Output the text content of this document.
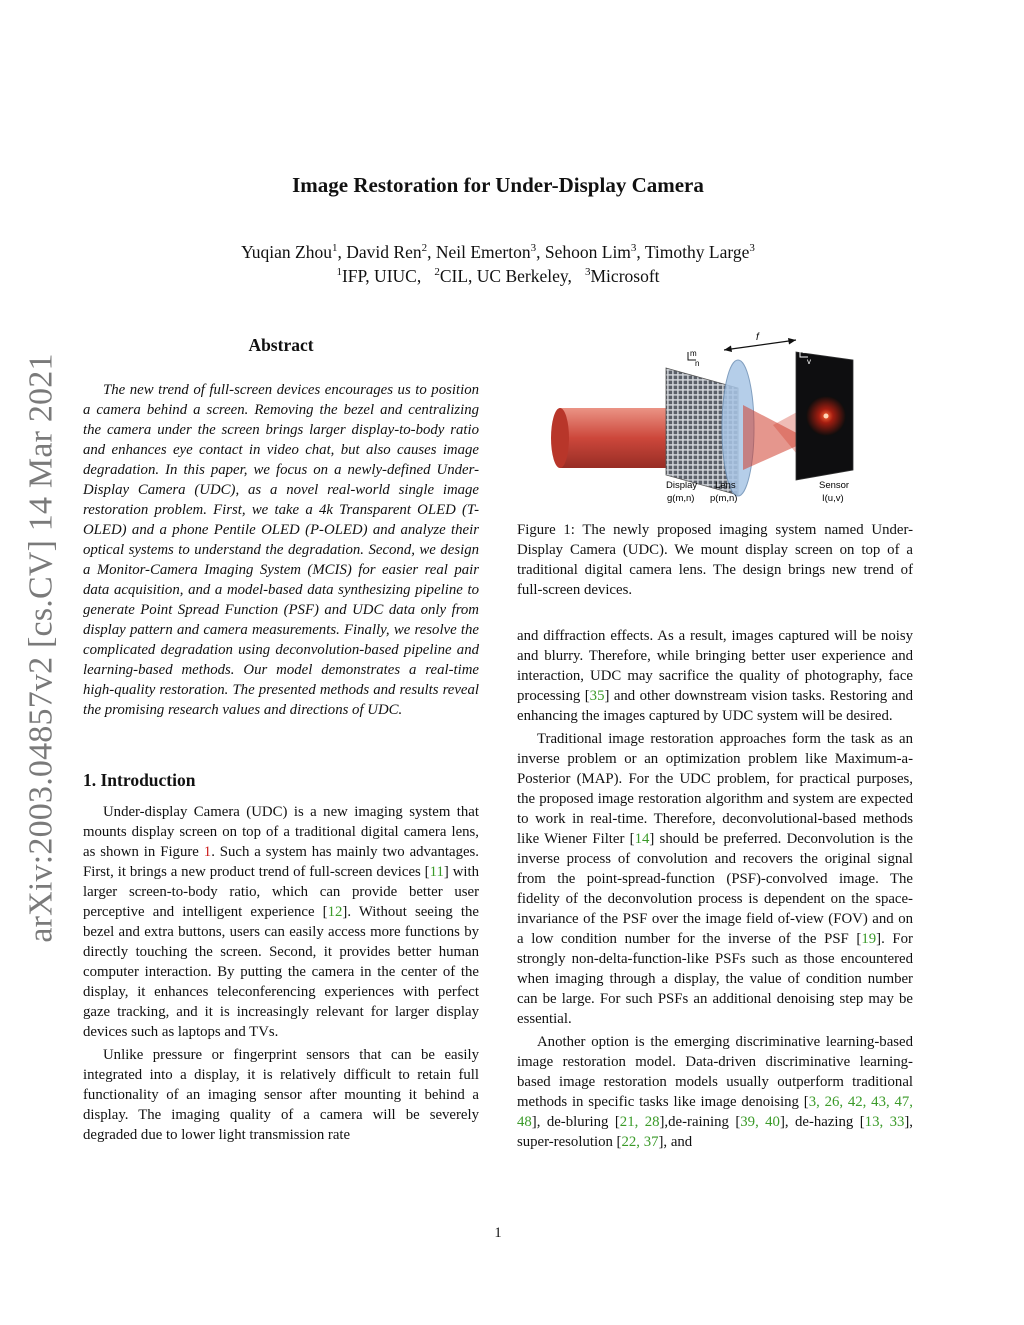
arXiv:2003.04857v2 [cs.CV] 14 Mar 2021
Image Restoration for Under-Display Camera
Yuqian Zhou$^1$, David Ren$^2$, Neil Emerton$^3$, Sehoon Lim$^3$, Timothy Large$^3$
$^1$IFP, UIUC, $^2$CIL, UC Berkeley, $^3$Microsoft
Abstract

The new trend of full-screen devices encourages us to position a camera behind a screen. Removing the bezel and centralizing the camera under the screen brings larger display-to-body ratio and enhances eye contact in video chat, but also causes image degradation. In this paper, we focus on a newly-defined Under-Display Camera (UDC), as a novel real-world single image restoration problem. First, we take a 4k Transparent OLED (T-OLED) and a phone Pentile OLED (P-OLED) and analyze their optical systems to understand the degradation. Second, we design a Monitor-Camera Imaging System (MCIS) for easier real pair data acquisition, and a model-based data synthesizing pipeline to generate Point Spread Function (PSF) and UDC data only from display pattern and camera measurements. Finally, we resolve the complicated degradation using deconvolution-based pipeline and learning-based methods. Our model demonstrates a real-time high-quality restoration. The presented methods and results reveal the promising research values and directions of UDC.

1. Introduction

Under-display Camera (UDC) is a new imaging system that mounts display screen on top of a traditional digital camera lens, as shown in Figure 1. Such a system has mainly two advantages. First, it brings a new product trend of full-screen devices [11] with larger screen-to-body ratio, which can provide better user perceptive and intelligent experience [12]. Without seeing the bezel and extra buttons, users can easily access more functions by directly touching the screen. Second, it provides better human computer interaction. By putting the camera in the center of the display, it enhances teleconferencing experiences with perfect gaze tracking, and it is increasingly relevant for larger display devices such as laptops and TVs.

Unlike pressure or fingerprint sensors that can be easily integrated into a display, it is relatively difficult to retain full functionality of an imaging sensor after mounting it behind a display. The imaging quality of a camera will be severely degraded due to lower light transmission rate

f
m
n
u
v
Display
g(m,n)
Lens
p(m,n)
Sensor
I(u,v)
Figure 1: The newly proposed imaging system named Under-Display Camera (UDC). We mount display screen on top of a traditional digital camera lens. The design brings new trend of full-screen devices.

and diffraction effects. As a result, images captured will be noisy and blurry. Therefore, while bringing better user experience and interaction, UDC may sacrifice the quality of photography, face processing [35] and other downstream vision tasks. Restoring and enhancing the images captured by UDC system will be desired.

Traditional image restoration approaches form the task as an inverse problem or an optimization problem like Maximum-a-Posterior (MAP). For the UDC problem, for practical purposes, the proposed image restoration algorithm and system are expected to work in real-time. Therefore, deconvolutional-based methods like Wiener Filter [14] should be preferred. Deconvolution is the inverse process of convolution and recovers the original signal from the point-spread-function (PSF)-convolved image. The fidelity of the deconvolution process is dependent on the space-invariance of the PSF over the image field of-view (FOV) and on a low condition number for the inverse of the PSF [19]. For strongly non-delta-function-like PSFs such as those encountered when imaging through a display, the value of condition number can be large. For such PSFs an additional denoising step may be essential.

Another option is the emerging discriminative learning-based image restoration model. Data-driven discriminative learning-based image restoration models usually outperform traditional methods in specific tasks like image denoising [3, 26, 42, 43, 47, 48], de-bluring [21, 28],de-raining [39, 40], de-hazing [13, 33], super-resolution [22, 37], and

1
